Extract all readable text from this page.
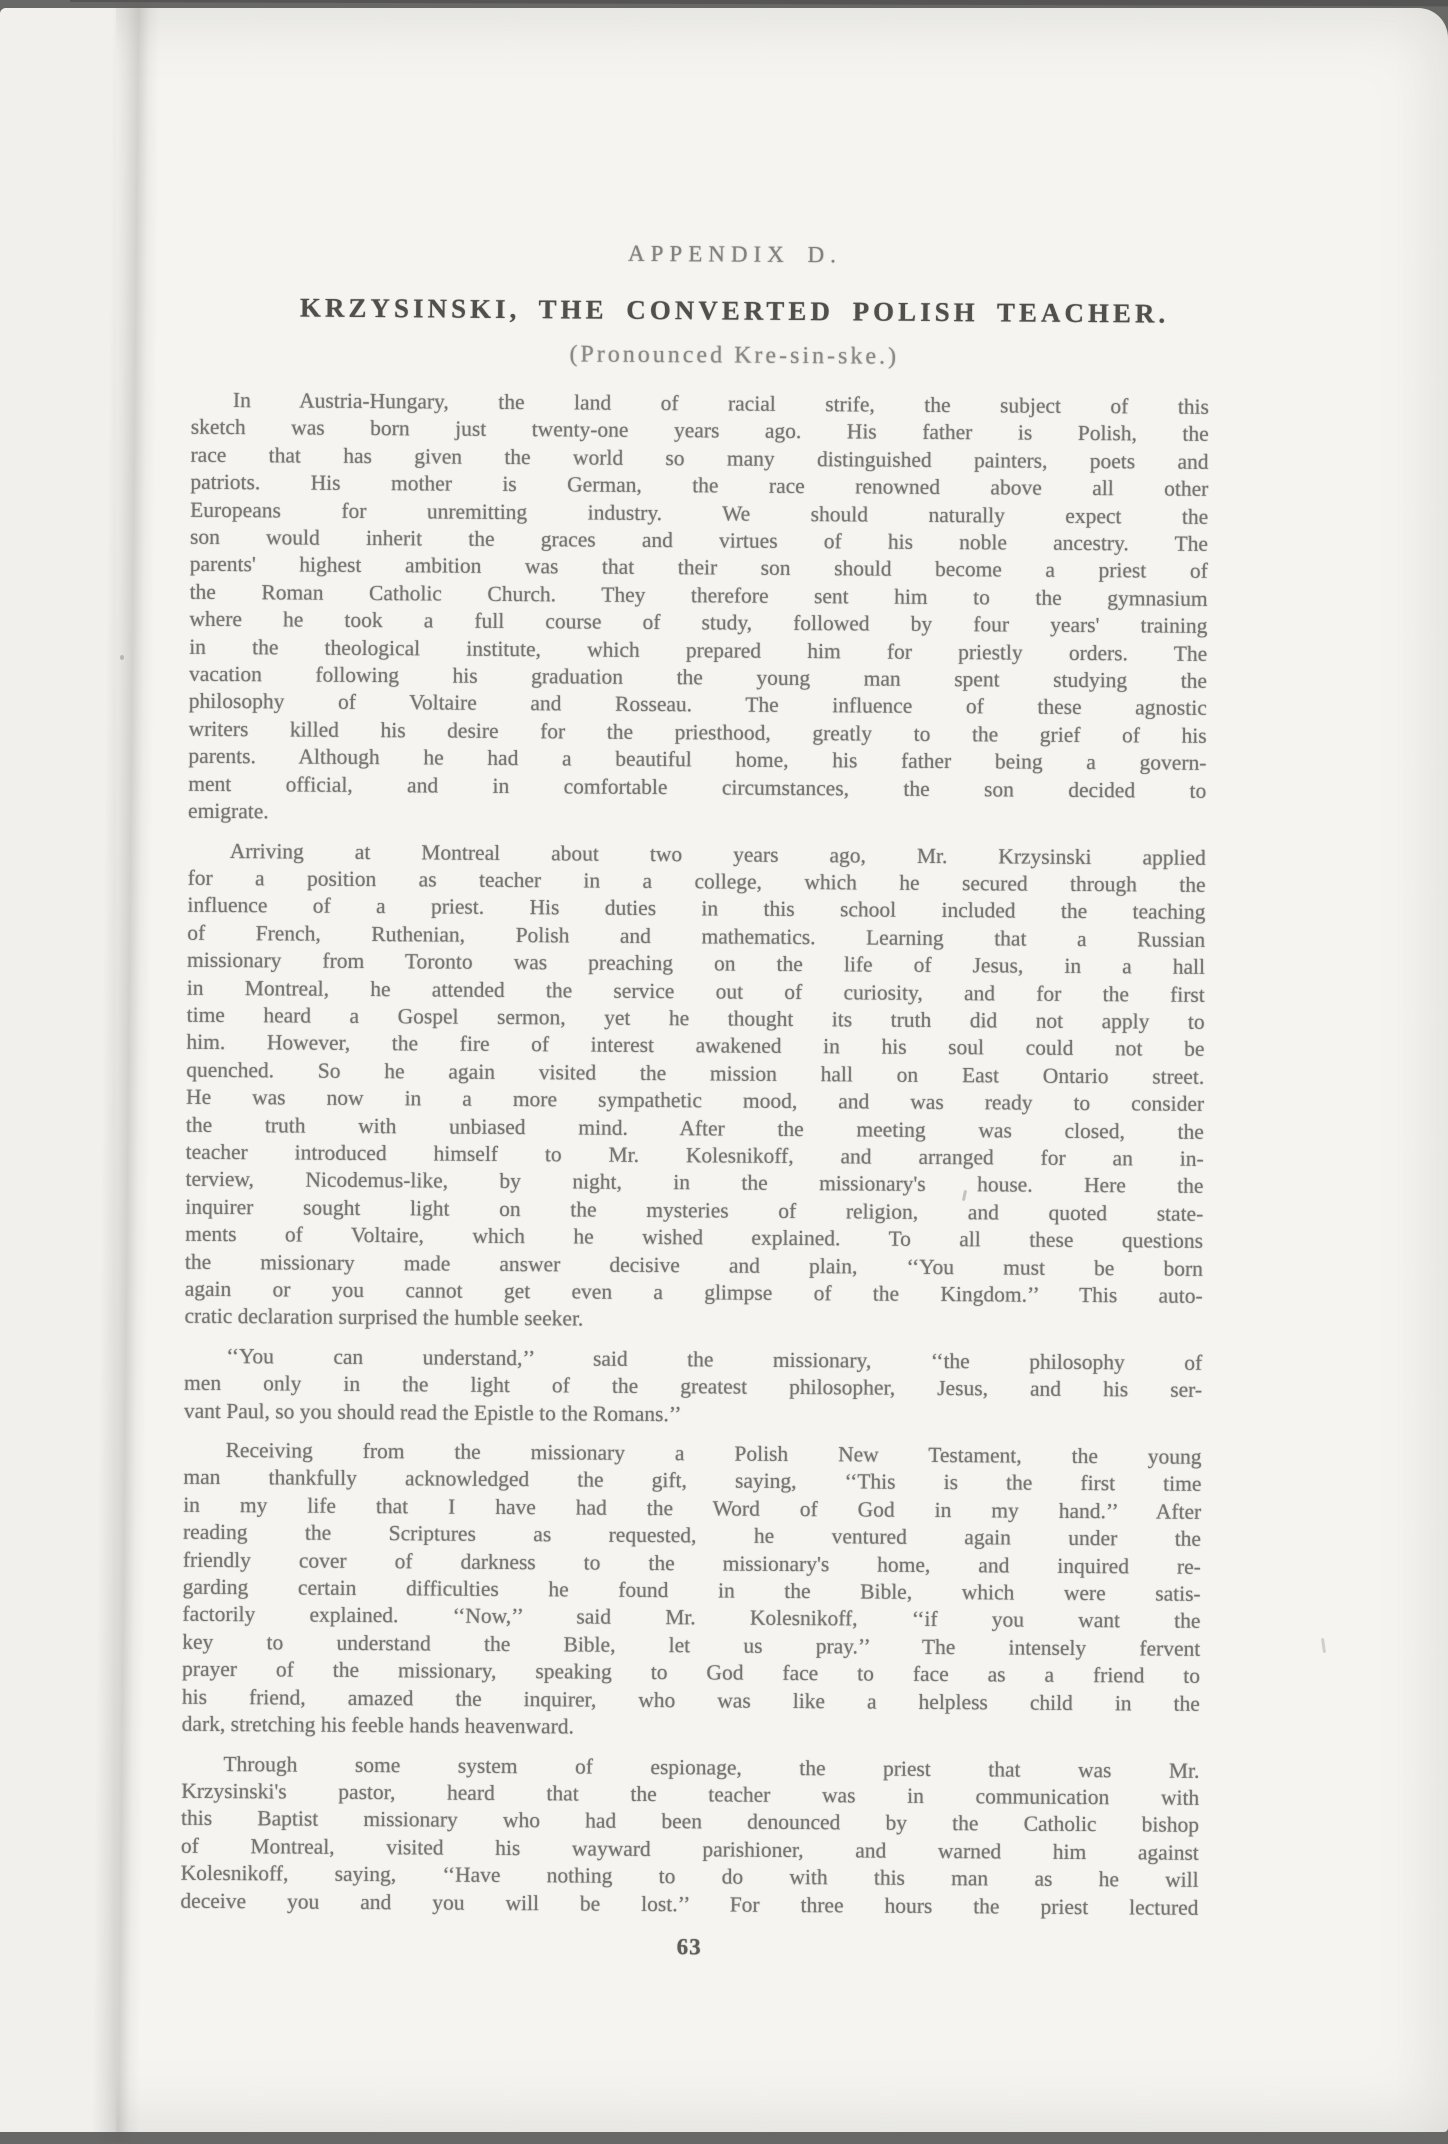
APPENDIX D.
KRZYSINSKI, THE CONVERTED POLISH TEACHER.
(Pronounced Kre-sin-ske.)
In Austria-Hungary, the land of racial strife, the subject of this
sketch was born just twenty-one years ago. His father is Polish, the
race that has given the world so many distinguished painters, poets and
patriots. His mother is German, the race renowned above all other
Europeans for unremitting industry. We should naturally expect the
son would inherit the graces and virtues of his noble ancestry. The
parents' highest ambition was that their son should become a priest of
the Roman Catholic Church. They therefore sent him to the gymnasium
where he took a full course of study, followed by four years' training
in the theological institute, which prepared him for priestly orders. The
vacation following his graduation the young man spent studying the
philosophy of Voltaire and Rosseau. The influence of these agnostic
writers killed his desire for the priesthood, greatly to the grief of his
parents. Although he had a beautiful home, his father being a govern-
ment official, and in comfortable circumstances, the son decided to
emigrate.
Arriving at Montreal about two years ago, Mr. Krzysinski applied
for a position as teacher in a college, which he secured through the
influence of a priest. His duties in this school included the teaching
of French, Ruthenian, Polish and mathematics. Learning that a Russian
missionary from Toronto was preaching on the life of Jesus, in a hall
in Montreal, he attended the service out of curiosity, and for the first
time heard a Gospel sermon, yet he thought its truth did not apply to
him. However, the fire of interest awakened in his soul could not be
quenched. So he again visited the mission hall on East Ontario street.
He was now in a more sympathetic mood, and was ready to consider
the truth with unbiased mind. After the meeting was closed, the
teacher introduced himself to Mr. Kolesnikoff, and arranged for an in-
terview, Nicodemus-like, by night, in the missionary's house. Here the
inquirer sought light on the mysteries of religion, and quoted state-
ments of Voltaire, which he wished explained. To all these questions
the missionary made answer decisive and plain, ‘‘You must be born
again or you cannot get even a glimpse of the Kingdom.’’ This auto-
cratic declaration surprised the humble seeker.
‘‘You can understand,’’ said the missionary, ‘‘the philosophy of
men only in the light of the greatest philosopher, Jesus, and his ser-
vant Paul, so you should read the Epistle to the Romans.’’
Receiving from the missionary a Polish New Testament, the young
man thankfully acknowledged the gift, saying, ‘‘This is the first time
in my life that I have had the Word of God in my hand.’’ After
reading the Scriptures as requested, he ventured again under the
friendly cover of darkness to the missionary's home, and inquired re-
garding certain difficulties he found in the Bible, which were satis-
factorily explained. ‘‘Now,’’ said Mr. Kolesnikoff, ‘‘if you want the
key to understand the Bible, let us pray.’’ The intensely fervent
prayer of the missionary, speaking to God face to face as a friend to
his friend, amazed the inquirer, who was like a helpless child in the
dark, stretching his feeble hands heavenward.
Through some system of espionage, the priest that was Mr.
Krzysinski's pastor, heard that the teacher was in communication with
this Baptist missionary who had been denounced by the Catholic bishop
of Montreal, visited his wayward parishioner, and warned him against
Kolesnikoff, saying, ‘‘Have nothing to do with this man as he will
deceive you and you will be lost.’’ For three hours the priest lectured
63
